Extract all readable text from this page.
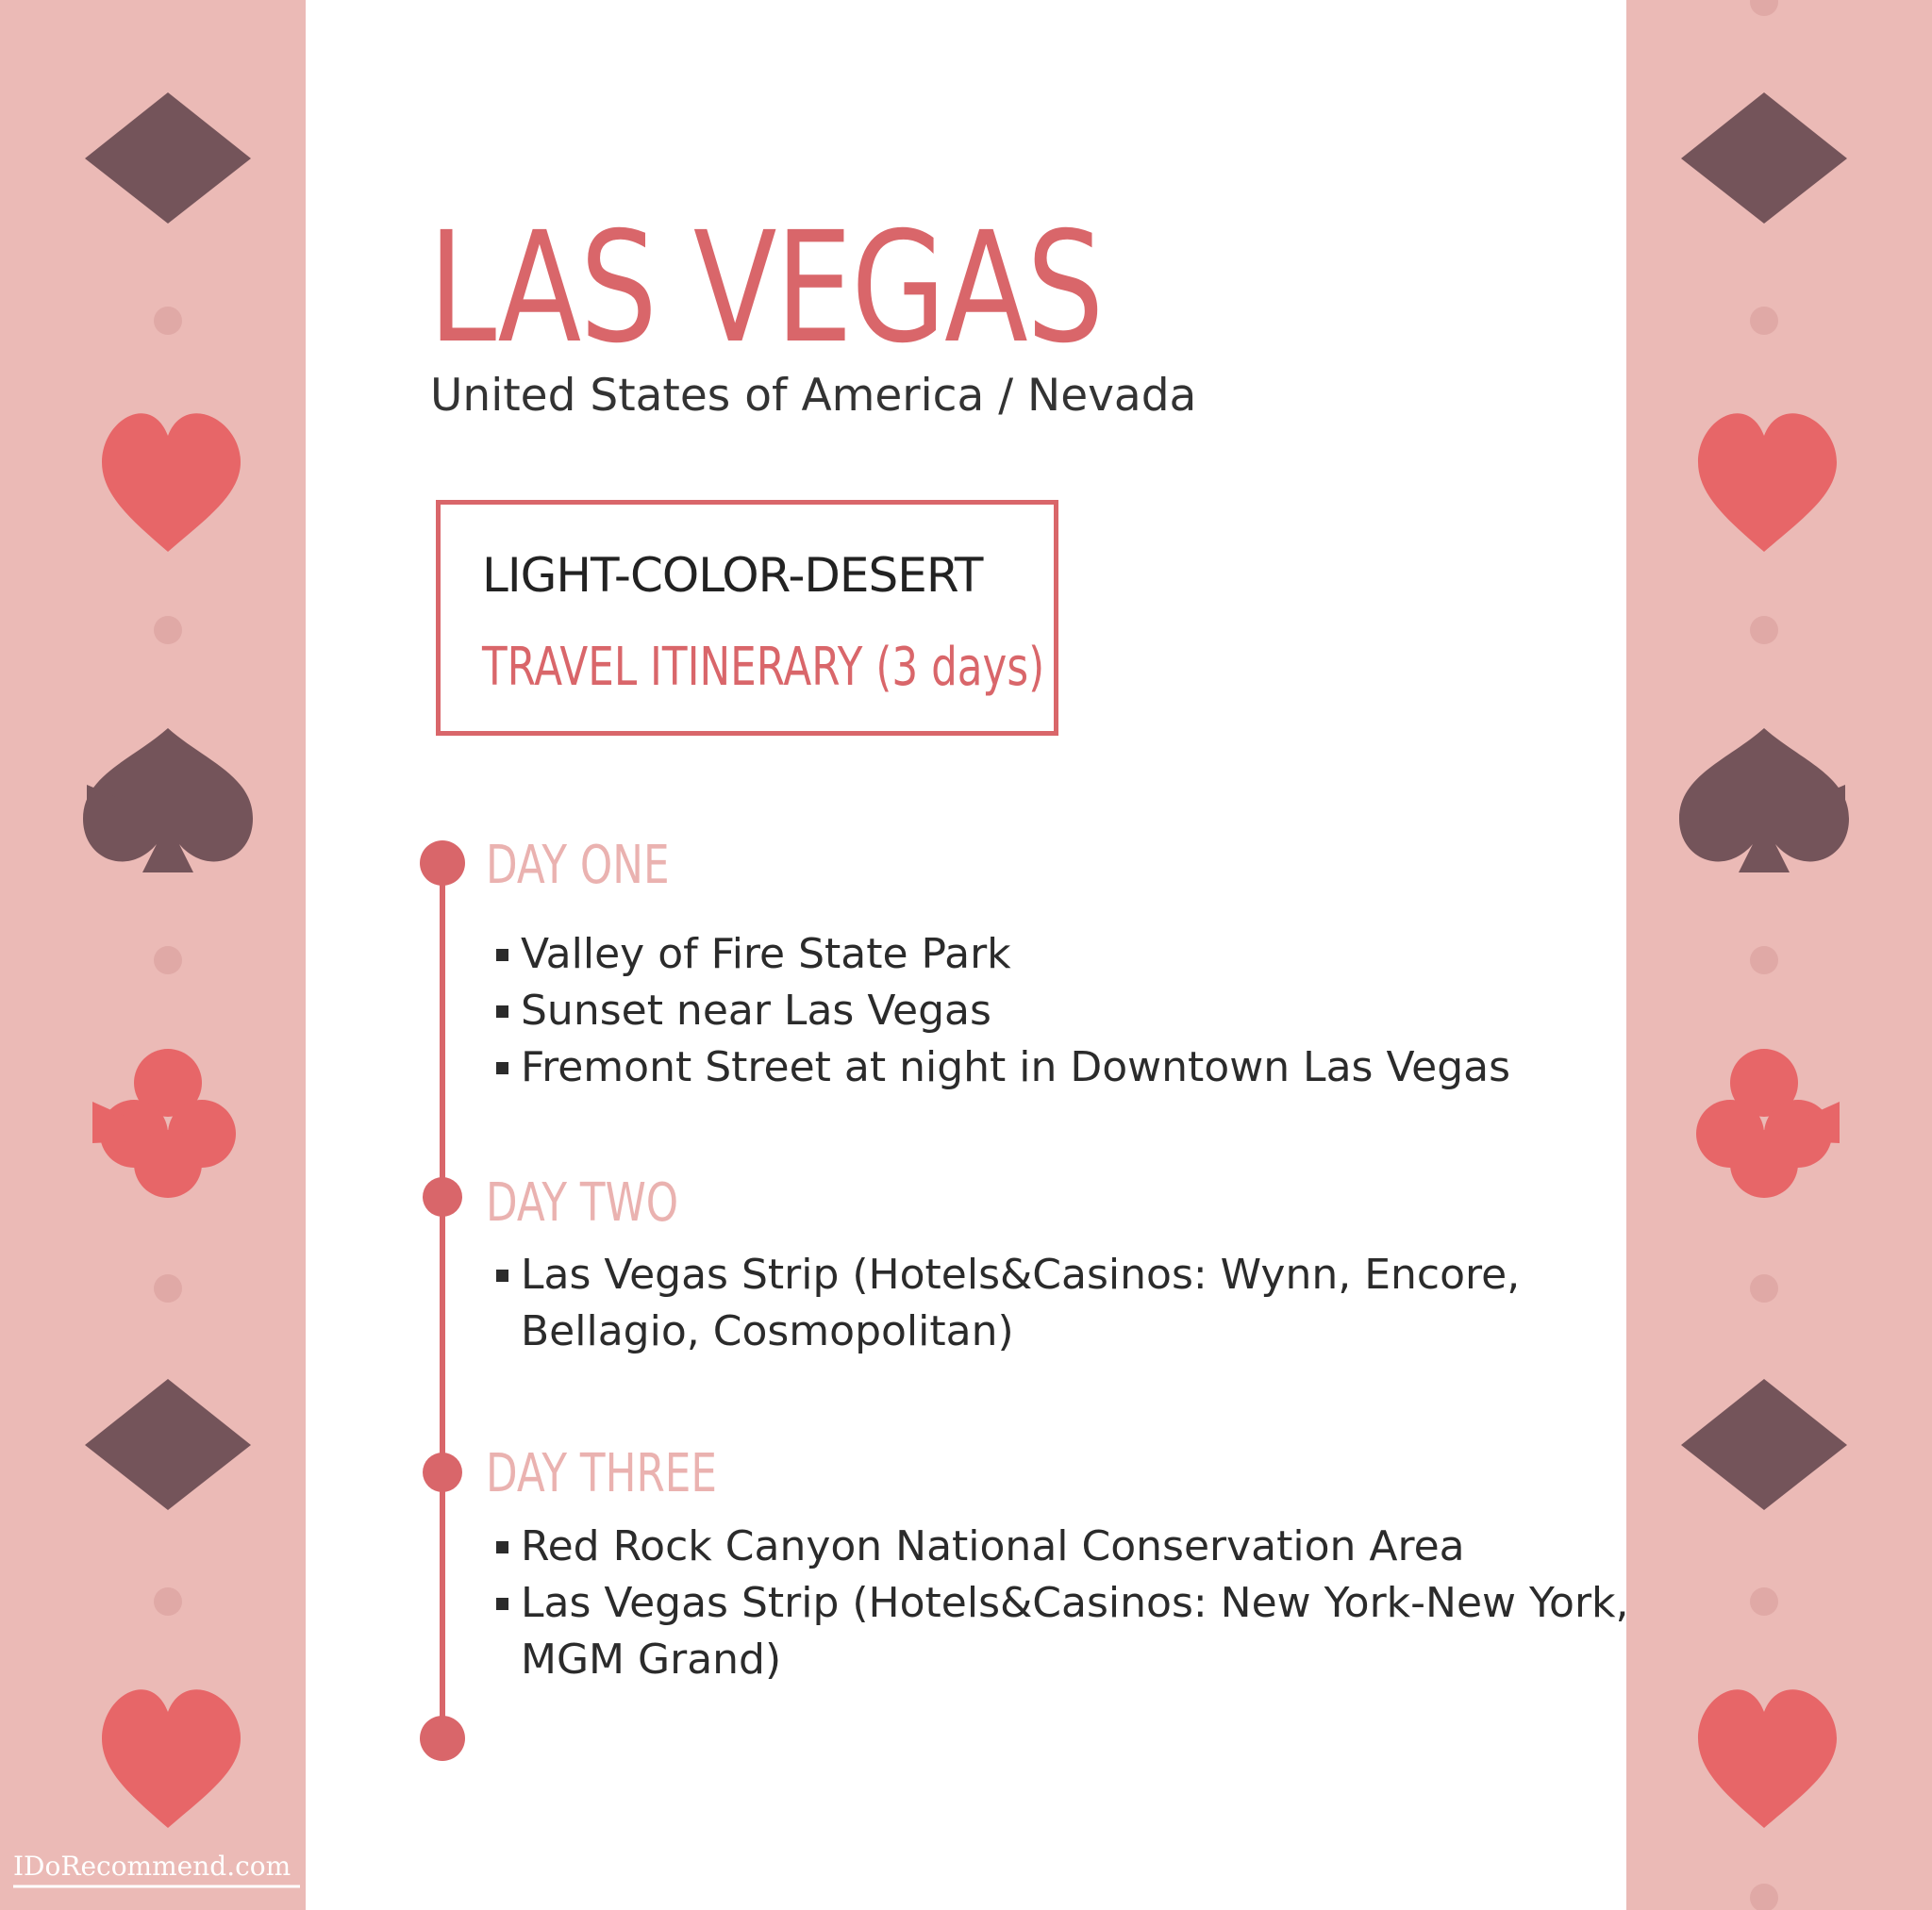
LAS VEGAS

United States of America / Nevada

LIGHT-COLOR-DESERT
TRAVEL ITINERARY (3 days)
DAY ONE
Valley of Fire State Park
Sunset near Las Vegas
Fremont Street at night in Downtown Las Vegas
DAY TWO
Las Vegas Strip (Hotels&Casinos: Wynn, Encore,
Bellagio, Cosmopolitan)
DAY THREE
Red Rock Canyon National Conservation Area
Las Vegas Strip (Hotels&Casinos: New York-New York,
MGM Grand)
IDoRecommend.com
